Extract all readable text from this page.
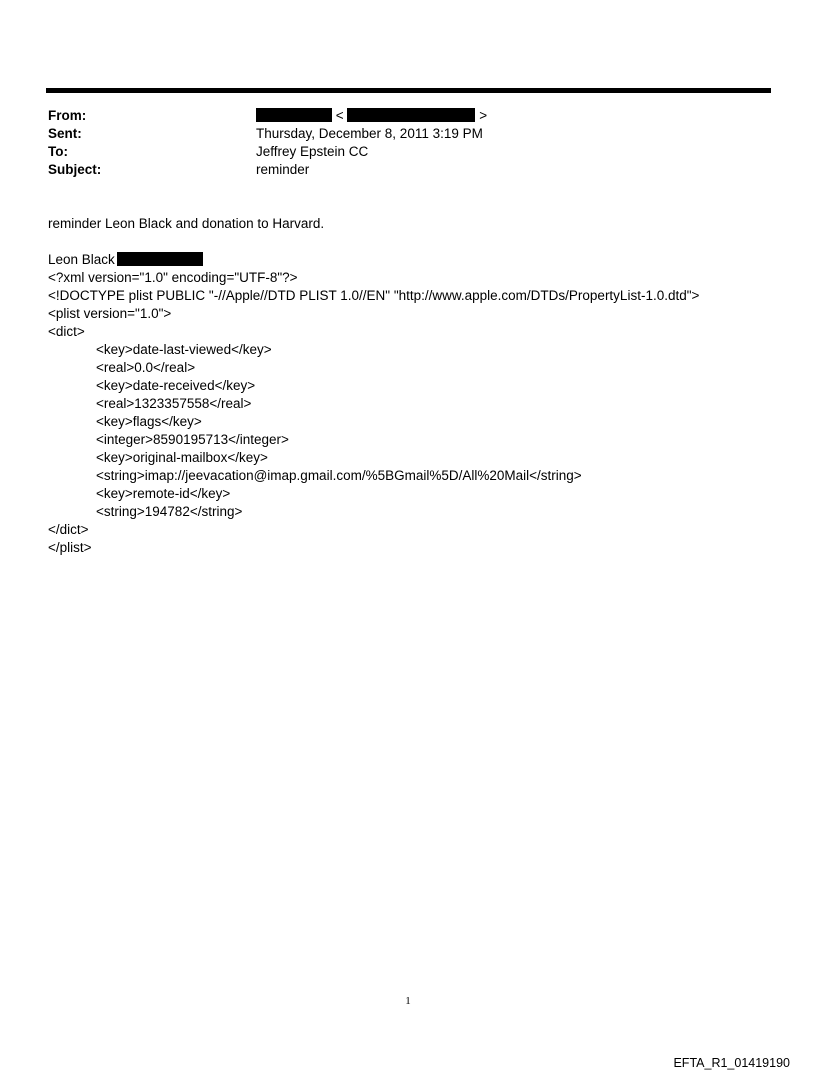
From:	<	>
Sent:	Thursday, December 8, 2011 3:19 PM
To:	Jeffrey Epstein CC
Subject:	reminder
reminder Leon Black and donation to Harvard.
Leon Black
<?xml version="1.0" encoding="UTF-8"?>
<!DOCTYPE plist PUBLIC "-//Apple//DTD PLIST 1.0//EN" "http://www.apple.com/DTDs/PropertyList-1.0.dtd">
<plist version="1.0">
<dict>
<key>date-last-viewed</key>
<real>0.0</real>
<key>date-received</key>
<real>1323357558</real>
<key>flags</key>
<integer>8590195713</integer>
<key>original-mailbox</key>
<string>imap://jeevacation@imap.gmail.com/%5BGmail%5D/All%20Mail</string>
<key>remote-id</key>
<string>194782</string>
</dict>
</plist>
1
EFTA_R1_01419190
